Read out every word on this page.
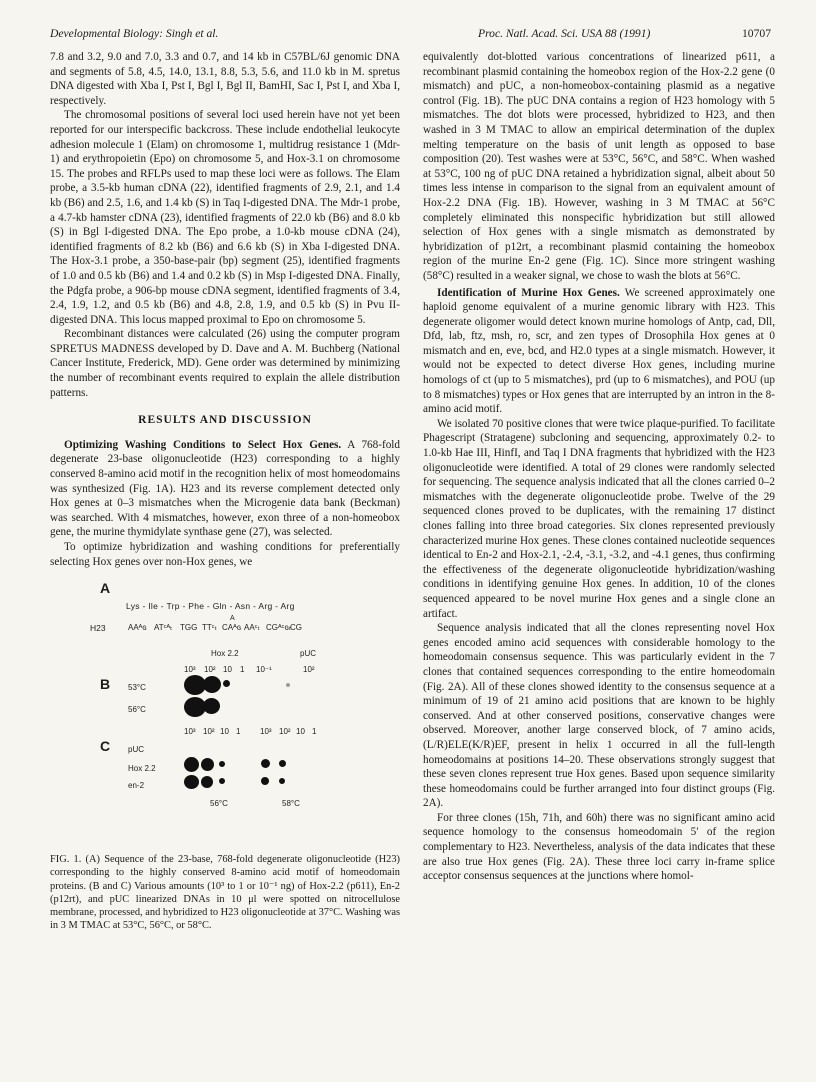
Developmental Biology: Singh et al.	Proc. Natl. Acad. Sci. USA 88 (1991)	10707

7.8 and 3.2, 9.0 and 7.0, 3.3 and 0.7, and 14 kb in C57BL/6J genomic DNA and segments of 5.8, 4.5, 14.0, 13.1, 8.8, 5.3, 5.6, and 11.0 kb in M. spretus DNA digested with Xba I, Pst I, Bgl I, Bgl II, BamHI, Sac I, Pst I, and Xba I, respectively.

The chromosomal positions of several loci used herein have not yet been reported for our interspecific backcross. These include endothelial leukocyte adhesion molecule 1 (Elam) on chromosome 1, multidrug resistance 1 (Mdr-1) and erythropoietin (Epo) on chromosome 5, and Hox-3.1 on chromosome 15. The probes and RFLPs used to map these loci were as follows. The Elam probe, a 3.5-kb human cDNA (22), identified fragments of 2.9, 2.1, and 1.4 kb (B6) and 2.5, 1.6, and 1.4 kb (S) in Taq I-digested DNA. The Mdr-1 probe, a 4.7-kb hamster cDNA (23), identified fragments of 22.0 kb (B6) and 8.0 kb (S) in Bgl I-digested DNA. The Epo probe, a 1.0-kb mouse cDNA (24), identified fragments of 8.2 kb (B6) and 6.6 kb (S) in Xba I-digested DNA. The Hox-3.1 probe, a 350-base-pair (bp) segment (25), identified fragments of 1.0 and 0.5 kb (B6) and 1.4 and 0.2 kb (S) in Msp I-digested DNA. Finally, the Pdgfa probe, a 906-bp mouse cDNA segment, identified fragments of 3.4, 2.4, 1.9, 1.2, and 0.5 kb (B6) and 4.8, 2.8, 1.9, and 0.5 kb (S) in Pvu II-digested DNA. This locus mapped proximal to Epo on chromosome 5.

Recombinant distances were calculated (26) using the computer program SPRETUS MADNESS developed by D. Dave and A. M. Buchberg (National Cancer Institute, Frederick, MD). Gene order was determined by minimizing the number of recombinant events required to explain the allele distribution patterns.

RESULTS AND DISCUSSION

Optimizing Washing Conditions to Select Hox Genes. A 768-fold degenerate 23-base oligonucleotide (H23) corresponding to a highly conserved 8-amino acid motif in the recognition helix of most homeodomains was synthesized (Fig. 1A). H23 and its reverse complement detected only Hox genes at 0–3 mismatches when the Microgenie data bank (Beckman) was searched. With 4 mismatches, however, exon three of a non-homeobox gene, the murine thymidylate synthase gene (27), was selected.

To optimize hybridization and washing conditions for preferentially selecting Hox genes over non-Hox genes, we

A
Lys - Ile - Trp - Phe - Gln - Asn - Arg - Arg
H23
A
AAᴬɢ ATᶜᴬₜ TGG TTᶜₜ CAᴬɢ AAᶜₜ CGᴬᶜɢₜ
CG
Hox 2.2	pUC
10³ 10² 10 1 10⁻¹	10²
B 53°C
56°C
10³ 10² 10 1 10³ 10² 10 1
C pUC
Hox 2.2
en-2
56°C	58°C
FIG. 1. (A) Sequence of the 23-base, 768-fold degenerate oligonucleotide (H23) corresponding to the highly conserved 8-amino acid motif of homeodomain proteins. (B and C) Various amounts (10³ to 1 or 10⁻¹ ng) of Hox-2.2 (p611), En-2 (p12rt), and pUC linearized DNAs in 10 μl were spotted on nitrocellulose membrane, processed, and hybridized to H23 oligonucleotide at 37°C. Washing was in 3 M TMAC at 53°C, 56°C, or 58°C.

equivalently dot-blotted various concentrations of linearized p611, a recombinant plasmid containing the homeobox region of the Hox-2.2 gene (0 mismatch) and pUC, a non-homeobox-containing plasmid as a negative control (Fig. 1B). The pUC DNA contains a region of H23 homology with 5 mismatches. The dot blots were processed, hybridized to H23, and then washed in 3 M TMAC to allow an empirical determination of the duplex melting temperature on the basis of unit length as opposed to base composition (20). Test washes were at 53°C, 56°C, and 58°C. When washed at 53°C, 100 ng of pUC DNA retained a hybridization signal, albeit about 50 times less intense in comparison to the signal from an equivalent amount of Hox-2.2 DNA (Fig. 1B). However, washing in 3 M TMAC at 56°C completely eliminated this nonspecific hybridization but still allowed selection of Hox genes with a single mismatch as demonstrated by hybridization of p12rt, a recombinant plasmid containing the homeobox region of the murine En-2 gene (Fig. 1C). Since more stringent washing (58°C) resulted in a weaker signal, we chose to wash the blots at 56°C.

Identification of Murine Hox Genes. We screened approximately one haploid genome equivalent of a murine genomic library with H23. This degenerate oligomer would detect known murine homologs of Antp, cad, Dll, Dfd, lab, ftz, msh, ro, scr, and zen types of Drosophila Hox genes at 0 mismatch and en, eve, bcd, and H2.0 types at a single mismatch. However, it would not be expected to detect diverse Hox genes, including murine homologs of ct (up to 5 mismatches), prd (up to 6 mismatches), and POU (up to 8 mismatches) types or Hox genes that are interrupted by an intron in the 8-amino acid motif.

We isolated 70 positive clones that were twice plaque-purified. To facilitate Phagescript (Stratagene) subcloning and sequencing, approximately 0.2- to 1.0-kb Hae III, HinfI, and Taq I DNA fragments that hybridized with the H23 oligonucleotide were identified. A total of 29 clones were randomly selected for sequencing. The sequence analysis indicated that all the clones carried 0–2 mismatches with the degenerate oligonucleotide probe. Twelve of the 29 sequenced clones proved to be duplicates, with the remaining 17 distinct clones falling into three broad categories. Six clones represented previously characterized murine Hox genes. These clones contained nucleotide sequences identical to En-2 and Hox-2.1, -2.4, -3.1, -3.2, and -4.1 genes, thus confirming the effectiveness of the degenerate oligonucleotide hybridization/washing conditions in identifying genuine Hox genes. In addition, 10 of the clones sequenced appeared to be novel murine Hox genes and a single clone an artifact.

Sequence analysis indicated that all the clones representing novel Hox genes encoded amino acid sequences with considerable homology to the homeodomain consensus sequence. This was particularly evident in the 7 clones that contained sequences corresponding to the entire homeodomain (Fig. 2A). All of these clones showed identity to the consensus sequence at a minimum of 19 of 21 amino acid positions that are known to be highly conserved. And at other conserved positions, conservative changes were observed. Moreover, another large conserved block, of 7 amino acids, (L/R)ELE(K/R)EF, present in helix 1 occurred in all the full-length homeodomains at positions 14–20. These observations strongly suggest that these seven clones represent true Hox genes. Based upon sequence similarity these homeodomains could be further arranged into four distinct groups (Fig. 2A).

For three clones (15h, 71h, and 60h) there was no significant amino acid sequence homology to the consensus homeodomain 5′ of the region complementary to H23. Nevertheless, analysis of the data indicates that these are also true Hox genes (Fig. 2A). These three loci carry in-frame splice acceptor consensus sequences at the junctions where homol-
